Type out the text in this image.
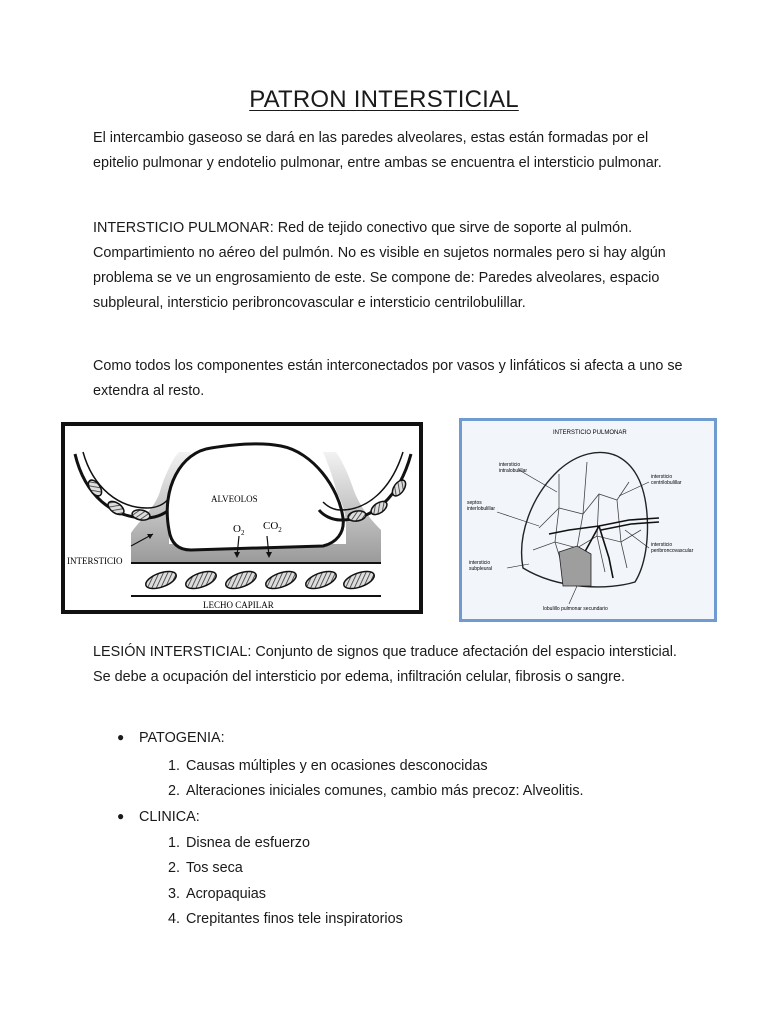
PATRON INTERSTICIAL

El intercambio gaseoso se dará en las paredes alveolares, estas están formadas por el epitelio pulmonar y endotelio pulmonar, entre ambas se encuentra el intersticio pulmonar.

INTERSTICIO PULMONAR: Red de tejido conectivo que sirve de soporte al pulmón. Compartimiento no aéreo del pulmón. No es visible en sujetos normales pero si hay algún problema se ve un engrosamiento de este. Se compone de: Paredes alveolares, espacio subpleural, intersticio peribroncovascular e intersticio centrilobulillar.

Como todos los componentes están interconectados por vasos y linfáticos si afecta a uno se extendra al resto.

ALVEOLOS
$O_2$
$CO_2$
INTERSTICIO
LECHO CAPILAR
INTERSTICIO PULMONAR
intersticio intralobulillar
septos interlobulillar
intersticio subpleural
intersticio centrilobulillar
intersticio peribroncovascular
lobulillo pulmonar secundario

LESIÓN INTERSTICIAL: Conjunto de signos que traduce afectación del espacio intersticial. Se debe a ocupación del intersticio por edema, infiltración celular, fibrosis o sangre.

● PATOGENIA:
1. Causas múltiples y en ocasiones desconocidas
2. Alteraciones iniciales comunes, cambio más precoz: Alveolitis.
● CLINICA:
1. Disnea de esfuerzo
2. Tos seca
3. Acropaquias
4. Crepitantes finos tele inspiratorios
